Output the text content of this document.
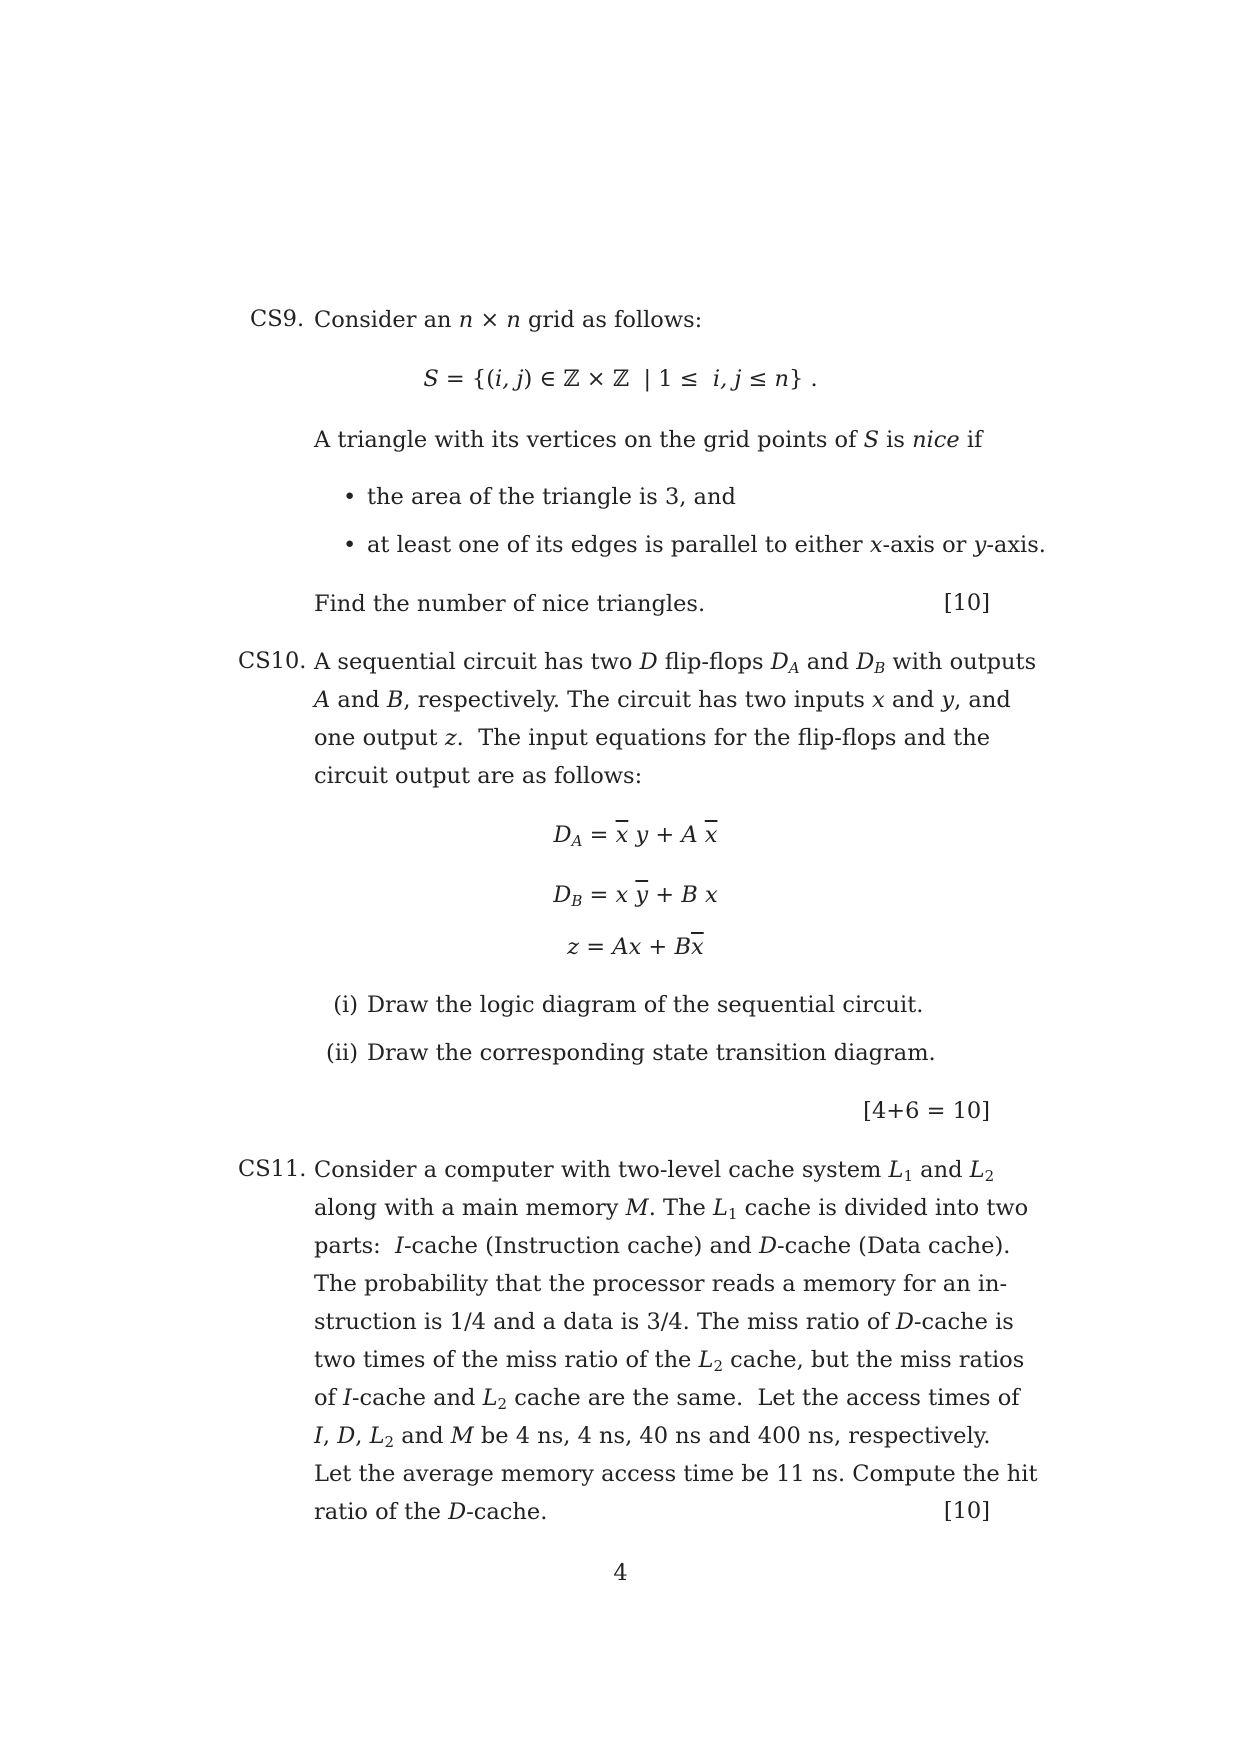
CS9. Consider an n × n grid as follows:
S = {(i, j) ∈ ℤ × ℤ  | 1 ≤  i, j ≤ n} .
A triangle with its vertices on the grid points of S is nice if
• the area of the triangle is 3, and
• at least one of its edges is parallel to either x-axis or y-axis.
Find the number of nice triangles.	[10]
CS10. A sequential circuit has two D flip-flops $D_A$ and $D_B$ with outputs
A and B, respectively. The circuit has two inputs x and y, and
one output z.  The input equations for the flip-flops and the
circuit output are as follows:
$D_A = \overline{x}$ y + A $\overline{x}$
$D_B = x$ $\overline{y} + B$ x
$z = Ax + B\overline{x}$
(i) Draw the logic diagram of the sequential circuit.
(ii) Draw the corresponding state transition diagram.
[4+6 = 10]
CS11. Consider a computer with two-level cache system $L_1$ and $L_2$
along with a main memory M. The $L_1$ cache is divided into two
parts:  I-cache (Instruction cache) and D-cache (Data cache).
The probability that the processor reads a memory for an in-
struction is 1/4 and a data is 3/4. The miss ratio of D-cache is
two times of the miss ratio of the $L_2$ cache, but the miss ratios
of I-cache and $L_2$ cache are the same.  Let the access times of
I, D, $L_2$ and M be 4 ns, 4 ns, 40 ns and 400 ns, respectively.
Let the average memory access time be 11 ns. Compute the hit
ratio of the D-cache.	[10]
4
